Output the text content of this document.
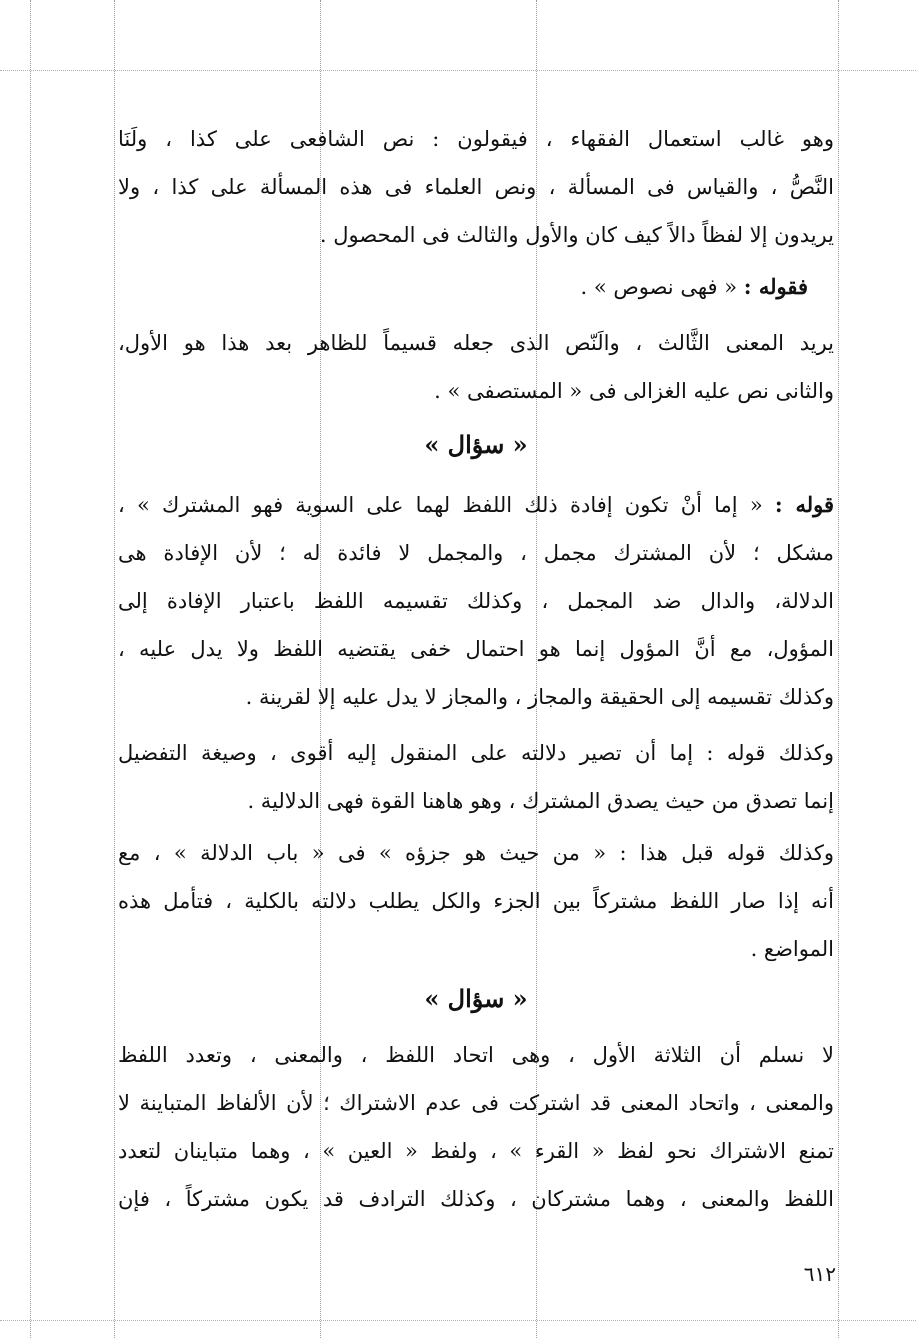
وهو غالب استعمال الفقهاء ، فيقولون : نص الشافعى على كذا ، ولَنَا
النَّصُّ ، والقياس فى المسألة ، ونص العلماء فى هذه المسألة على كذا ، ولا
يريدون إلا لفظاً دالاً كيف كان والأول والثالث فى المحصول .
فقوله : « فهى نصوص » .
يريد المعنى الثَّالث ، والَنّص الذى جعله قسيماً للظاهر بعد هذا هو الأول،
والثانى نص عليه الغزالى فى « المستصفى » .
« سؤال »
قوله : « إما أنْ تكون إفادة ذلك اللفظ لهما على السوية فهو المشترك » ،
مشكل ؛ لأن المشترك مجمل ، والمجمل لا فائدة له ؛ لأن الإفادة هى
الدلالة، والدال ضد المجمل ، وكذلك تقسيمه اللفظ باعتبار الإفادة إلى
المؤول، مع أنَّ المؤول إنما هو احتمال خفى يقتضيه اللفظ ولا يدل عليه ،
وكذلك تقسيمه إلى الحقيقة والمجاز ، والمجاز لا يدل عليه إلا لقرينة .
وكذلك قوله : إما أن تصير دلالته على المنقول إليه أقوى ، وصيغة التفضيل
إنما تصدق من حيث يصدق المشترك ، وهو هاهنا القوة فهى الدلالية .
وكذلك قوله قبل هذا : « من حيث هو جزؤه » فى « باب الدلالة » ، مع
أنه إذا صار اللفظ مشتركاً بين الجزء والكل يطلب دلالته بالكلية ، فتأمل هذه
المواضع .
« سؤال »
لا نسلم أن الثلاثة الأول ، وهى اتحاد اللفظ ، والمعنى ، وتعدد اللفظ
والمعنى ، واتحاد المعنى قد اشتركت فى عدم الاشتراك ؛ لأن الألفاظ المتباينة لا
تمنع الاشتراك نحو لفظ « القرء » ، ولفظ « العين » ، وهما متباينان لتعدد
اللفظ والمعنى ، وهما مشتركان ، وكذلك الترادف قد يكون مشتركاً ، فإن
٦١٢
